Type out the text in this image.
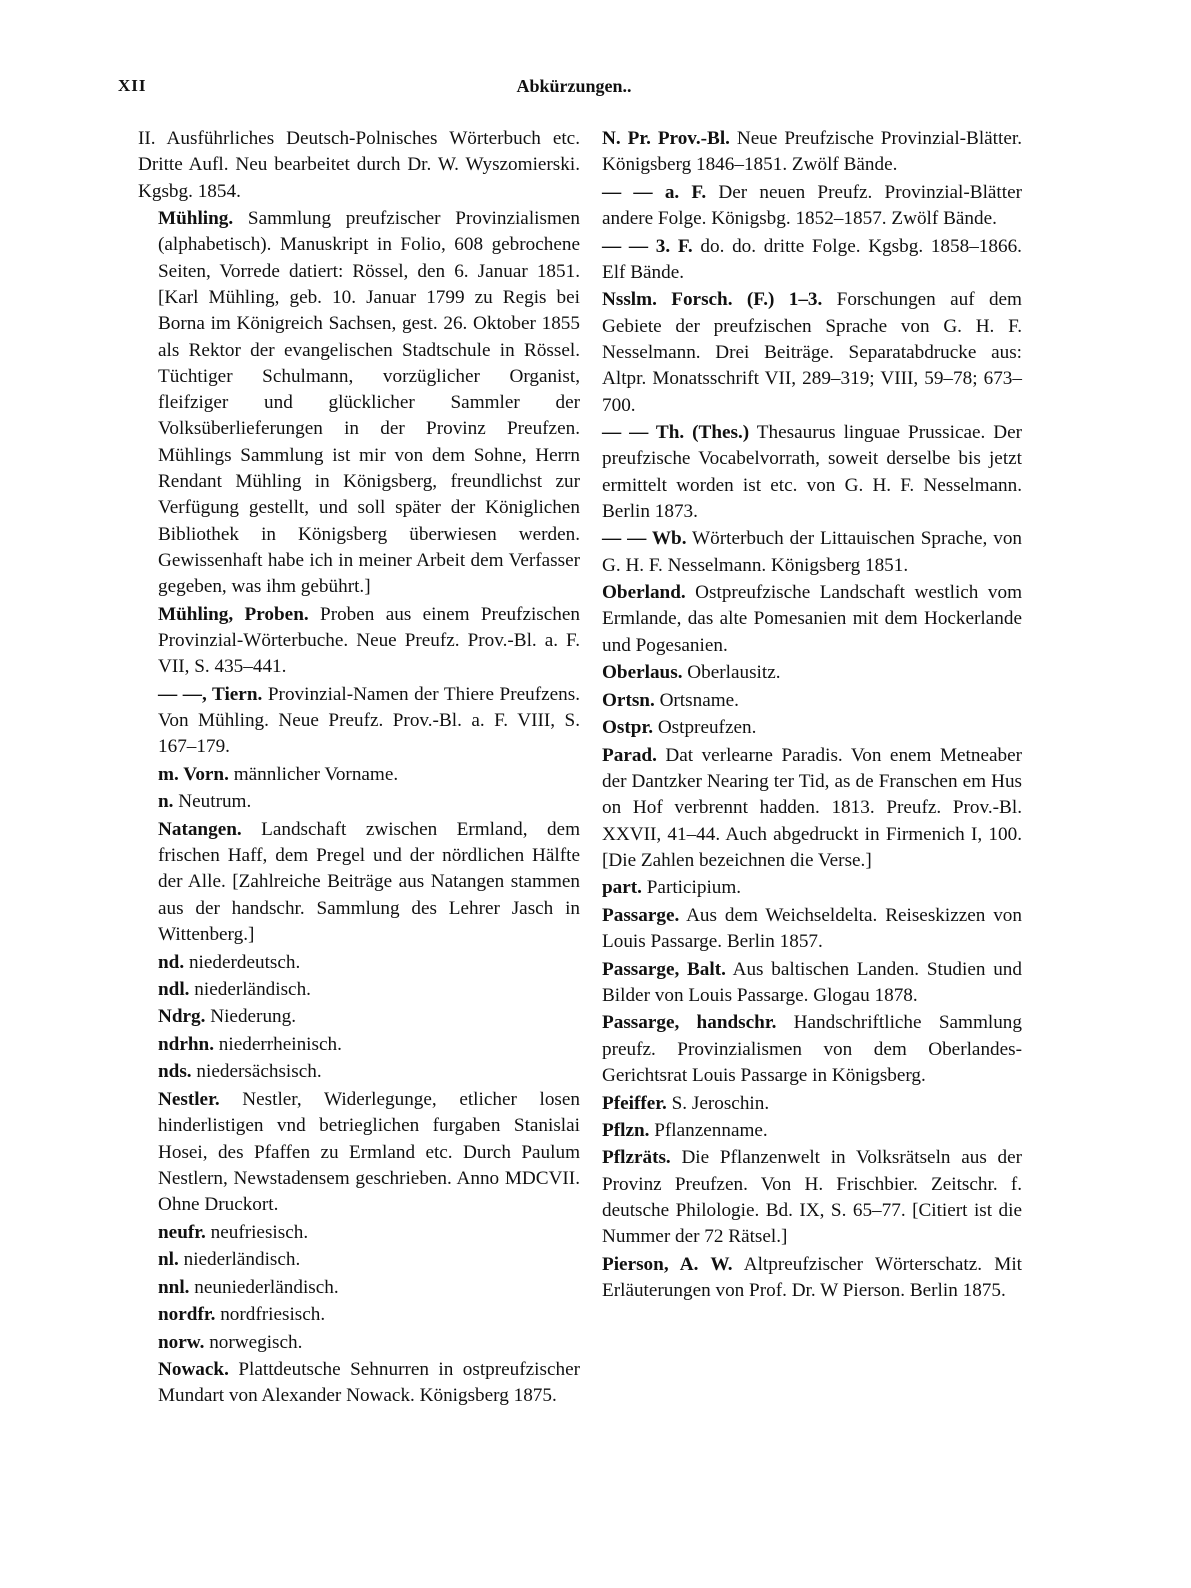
XII	Abkürzungen..
II. Ausführliches Deutsch-Polnisches Wörterbuch etc. Dritte Aufl. Neu bearbeitet durch Dr. W. Wyszomierski. Kgsbg. 1854.
Mühling. Sammlung preufzischer Provinzialismen (alphabetisch). Manuskript in Folio, 608 gebrochene Seiten, Vorrede datiert: Rössel, den 6. Januar 1851. [Karl Mühling, geb. 10. Januar 1799 zu Regis bei Borna im Königreich Sachsen, gest. 26. Oktober 1855 als Rektor der evangelischen Stadtschule in Rössel. Tüchtiger Schulmann, vorzüglicher Organist, fleifziger und glücklicher Sammler der Volksüberlieferungen in der Provinz Preufzen. Mühlings Sammlung ist mir von dem Sohne, Herrn Rendant Mühling in Königsberg, freundlichst zur Verfügung gestellt, und soll später der Königlichen Bibliothek in Königsberg überwiesen werden. Gewissenhaft habe ich in meiner Arbeit dem Verfasser gegeben, was ihm gebührt.]
Mühling, Proben. Proben aus einem Preufzischen Provinzial-Wörterbuche. Neue Preufz. Prov.-Bl. a. F. VII, S. 435–441.
— —, Tiern. Provinzial-Namen der Thiere Preufzens. Von Mühling. Neue Preufz. Prov.-Bl. a. F. VIII, S. 167–179.
m. Vorn. männlicher Vorname.
n. Neutrum.
Natangen. Landschaft zwischen Ermland, dem frischen Haff, dem Pregel und der nördlichen Hälfte der Alle. [Zahlreiche Beiträge aus Natangen stammen aus der handschr. Sammlung des Lehrer Jasch in Wittenberg.]
nd. niederdeutsch.
ndl. niederländisch.
Ndrg. Niederung.
ndrhn. niederrheinisch.
nds. niedersächsisch.
Nestler. Nestler, Widerlegunge, etlicher losen hinderlistigen vnd betrieglichen furgaben Stanislai Hosei, des Pfaffen zu Ermland etc. Durch Paulum Nestlern, Newstadensem geschrieben. Anno MDCVII. Ohne Druckort.
neufr. neufriesisch.
nl. niederländisch.
nnl. neuniederländisch.
nordfr. nordfriesisch.
norw. norwegisch.
Nowack. Plattdeutsche Sehnurren in ostpreufzischer Mundart von Alexander Nowack. Königsberg 1875.
N. Pr. Prov.-Bl. Neue Preufzische Provinzial-Blätter. Königsberg 1846–1851. Zwölf Bände.
— — a. F. Der neuen Preufz. Provinzial-Blätter andere Folge. Königsbg. 1852–1857. Zwölf Bände.
— — 3. F. do. do. dritte Folge. Kgsbg. 1858–1866. Elf Bände.
Nsslm. Forsch. (F.) 1–3. Forschungen auf dem Gebiete der preufzischen Sprache von G. H. F. Nesselmann. Drei Beiträge. Separatabdrucke aus: Altpr. Monatsschrift VII, 289–319; VIII, 59–78; 673–700.
— — Th. (Thes.) Thesaurus linguae Prussicae. Der preufzische Vocabelvorrath, soweit derselbe bis jetzt ermittelt worden ist etc. von G. H. F. Nesselmann. Berlin 1873.
— — Wb. Wörterbuch der Littauischen Sprache, von G. H. F. Nesselmann. Königsberg 1851.
Oberland. Ostpreufzische Landschaft westlich vom Ermlande, das alte Pomesanien mit dem Hockerlande und Pogesanien.
Oberlaus. Oberlausitz.
Ortsn. Ortsname.
Ostpr. Ostpreufzen.
Parad. Dat verlearne Paradis. Von enem Metneaber der Dantzker Nearing ter Tid, as de Franschen em Hus on Hof verbrennt hadden. 1813. Preufz. Prov.-Bl. XXVII, 41–44. Auch abgedruckt in Firmenich I, 100. [Die Zahlen bezeichnen die Verse.]
part. Participium.
Passarge. Aus dem Weichseldelta. Reiseskizzen von Louis Passarge. Berlin 1857.
Passarge, Balt. Aus baltischen Landen. Studien und Bilder von Louis Passarge. Glogau 1878.
Passarge, handschr. Handschriftliche Sammlung preufz. Provinzialismen von dem Oberlandes-Gerichtsrat Louis Passarge in Königsberg.
Pfeiffer. S. Jeroschin.
Pflzn. Pflanzenname.
Pflzräts. Die Pflanzenwelt in Volksrätseln aus der Provinz Preufzen. Von H. Frischbier. Zeitschr. f. deutsche Philologie. Bd. IX, S. 65–77. [Citiert ist die Nummer der 72 Rätsel.]
Pierson, A. W. Altpreufzischer Wörterschatz. Mit Erläuterungen von Prof. Dr. W Pierson. Berlin 1875.
